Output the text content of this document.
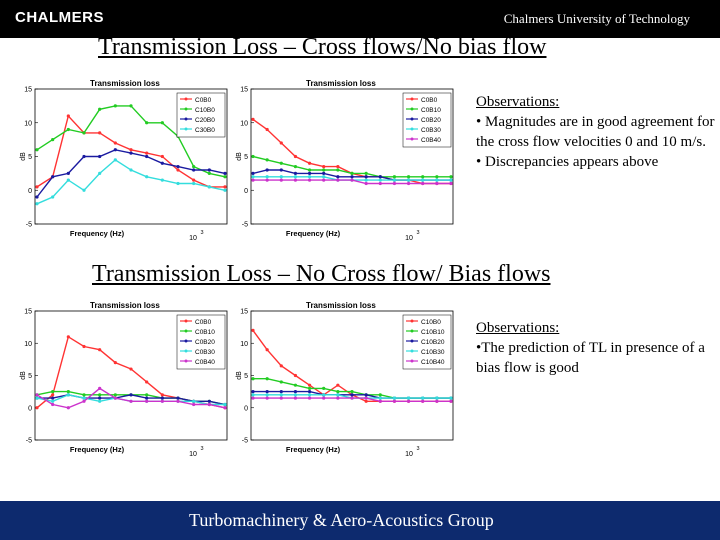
CHALMERS	Chalmers University of Technology
Transmission Loss – Cross flows/No bias flow
Transmission loss
-5
0
5
10
15
dB
Frequency (Hz)
10
3
C0B0
C10B0
C20B0
C30B0
Transmission loss
-5
0
5
10
15
dB
Frequency (Hz)
10
3
C0B0
C0B10
C0B20
C0B30
C0B40
Observations:
• Magnitudes are in good agreement for the cross flow velocities 0 and 10 m/s.
• Discrepancies appears above
Transmission Loss – No Cross flow/ Bias flows
Transmission loss
-5
0
5
10
15
dB
Frequency (Hz)
10
3
C0B0
C0B10
C0B20
C0B30
C0B40
Transmission loss
-5
0
5
10
15
dB
Frequency (Hz)
10
3
C10B0
C10B10
C10B20
C10B30
C10B40
Observations:
•The prediction of TL in presence of a bias flow is good
Turbomachinery & Aero-Acoustics Group
